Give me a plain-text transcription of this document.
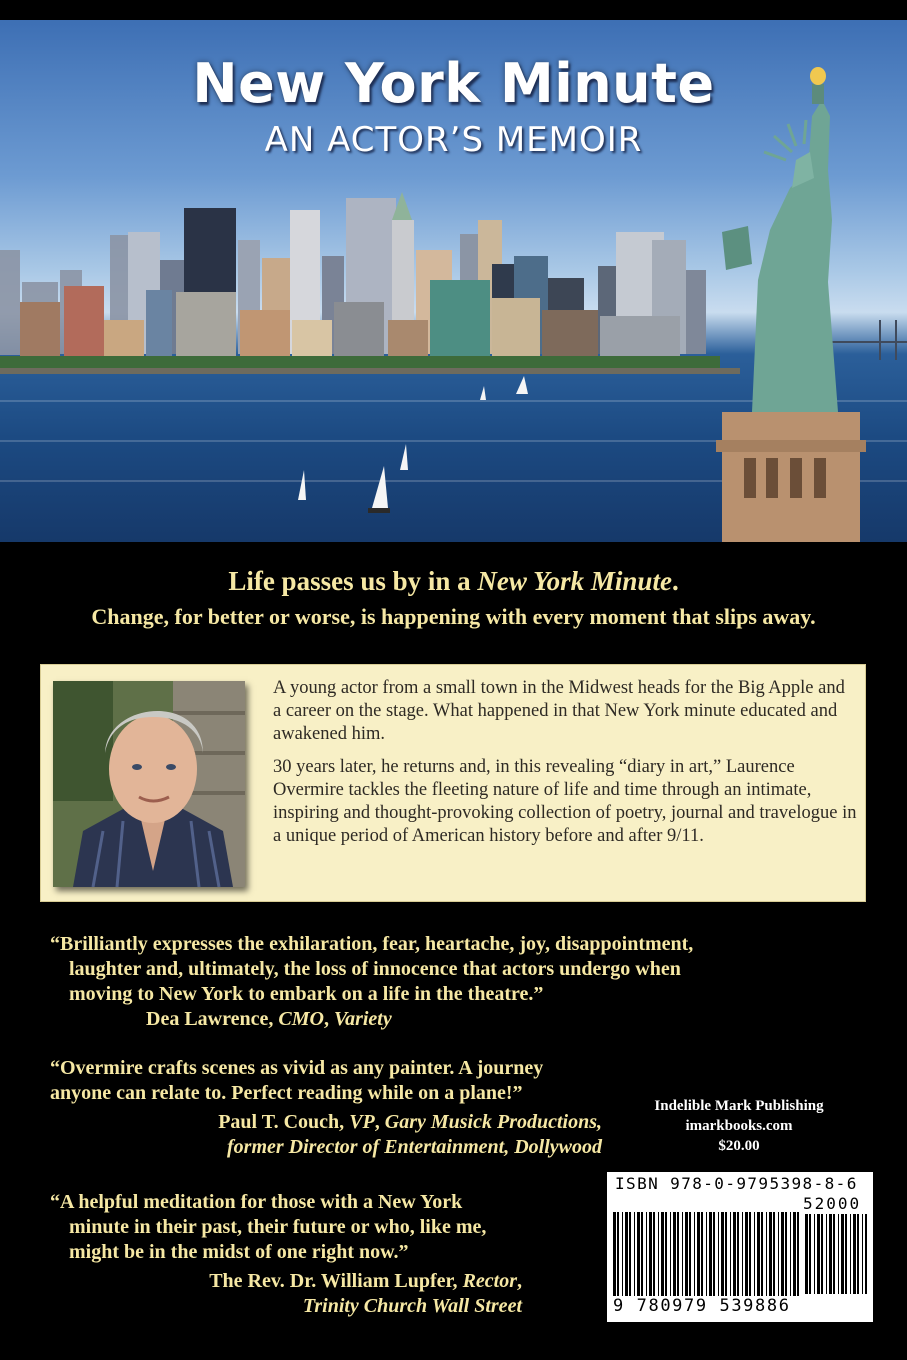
New York Minute
AN ACTOR’S MEMOIR

Life passes us by in a New York Minute.

Change, for better or worse, is happening with every moment that slips away.

A young actor from a small town in the Midwest heads for the Big Apple and a career on the stage. What happened in that New York minute educated and awakened him.

30 years later, he returns and, in this revealing “diary in art,” Laurence Overmire tackles the fleeting nature of life and time through an intimate, inspiring and thought-provoking collection of poetry, journal and travelogue in a unique period of American history before and after 9/11.

“Brilliantly expresses the exhilaration, fear, heartache, joy, disappointment,
laughter and, ultimately, the loss of innocence that actors undergo when
moving to New York to embark on a life in the theatre.”
Dea Lawrence, CMO, Variety

“Overmire crafts scenes as vivid as any painter. A journey
anyone can relate to. Perfect reading while on a plane!”
Paul T. Couch, VP, Gary Musick Productions,
former Director of Entertainment, Dollywood

“A helpful meditation for those with a New York
minute in their past, their future or who, like me,
might be in the midst of one right now.”
The Rev. Dr. William Lupfer, Rector,
Trinity Church Wall Street

Indelible Mark Publishing
imarkbooks.com
$20.00
ISBN 978-0-9795398-8-6
52000
9 780979 539886
